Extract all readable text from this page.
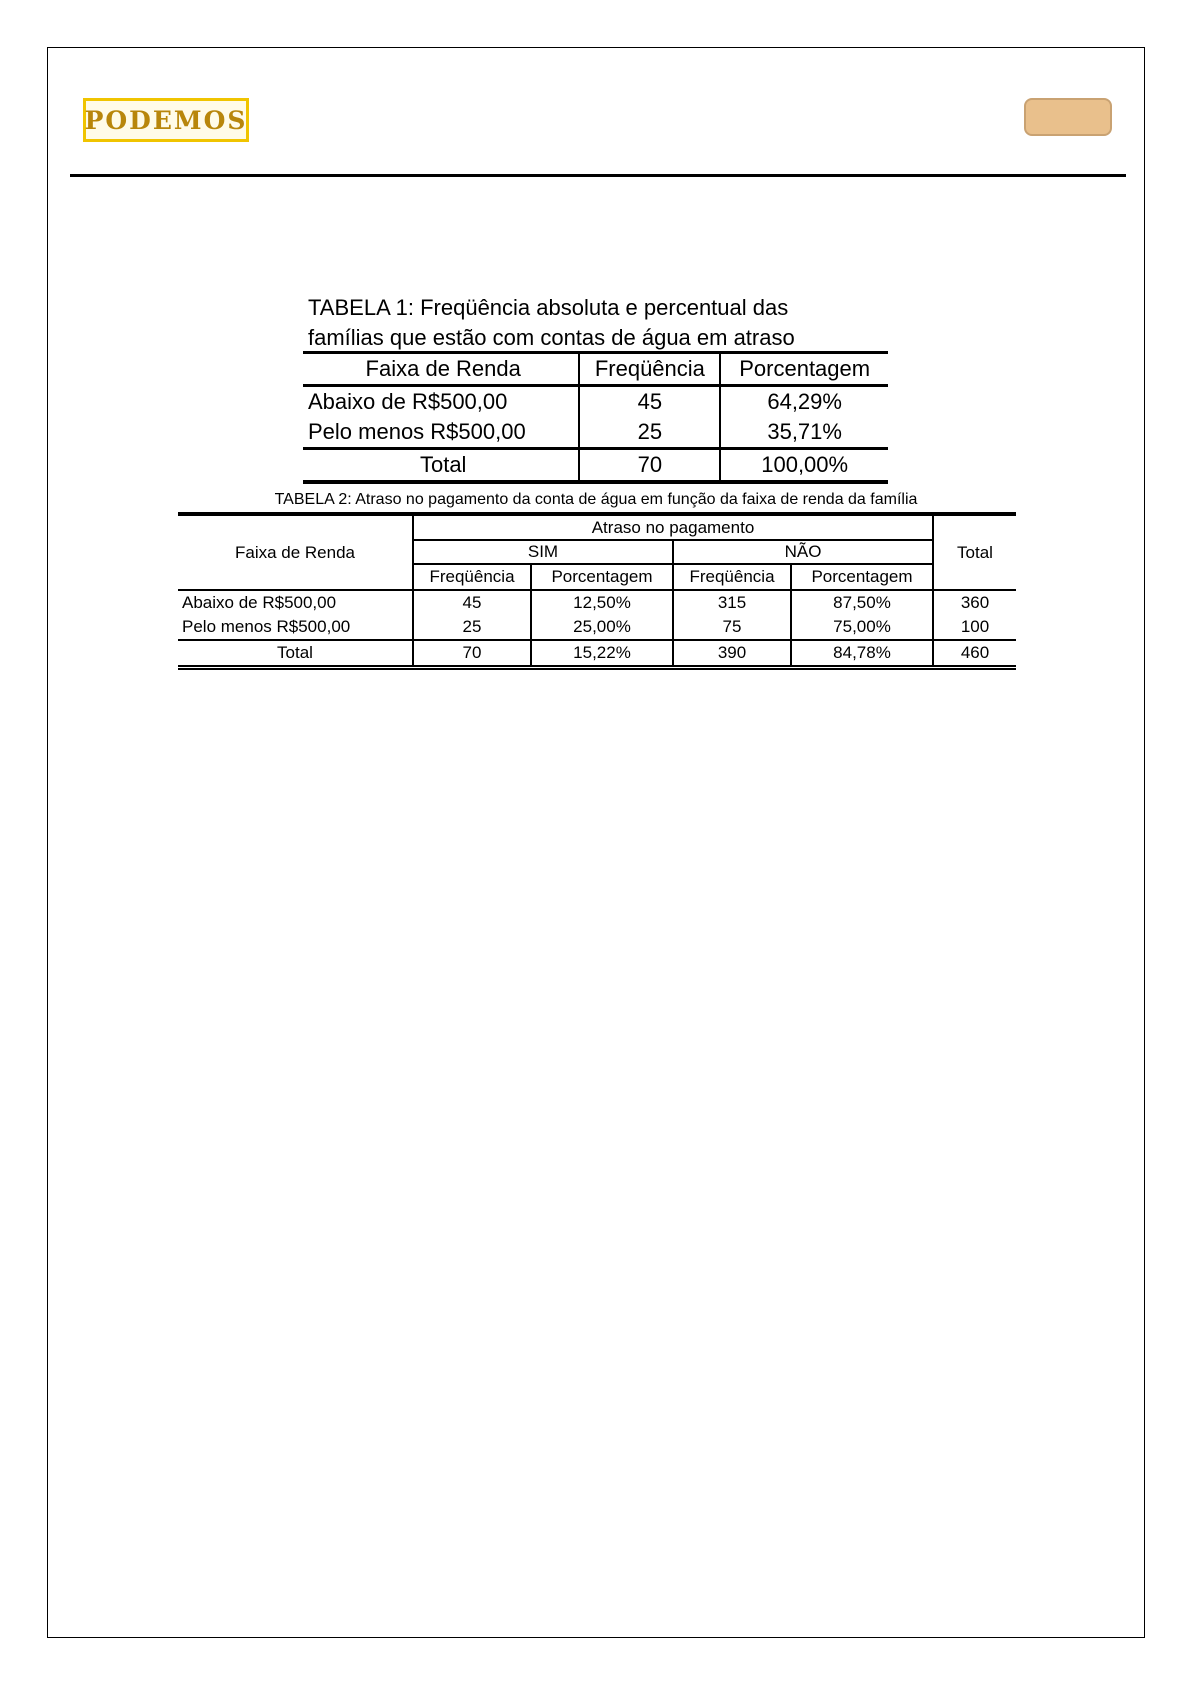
PODEMOS
TABELA 1: Freqüência absoluta e percentual das
famílias que estão com contas de água em atraso
Faixa de Renda	Freqüência	Porcentagem
Abaixo de R$500,00	45	64,29%
Pelo menos R$500,00	25	35,71%
Total	70	100,00%
TABELA 2: Atraso no pagamento da conta de água em função da faixa de renda da família
Faixa de Renda	Atraso no pagamento				Total
	SIM		NÃO		
	Freqüência	Porcentagem	Freqüência	Porcentagem	
Abaixo de R$500,00	45	12,50%	315	87,50%	360
Pelo menos R$500,00	25	25,00%	75	75,00%	100
Total	70	15,22%	390	84,78%	460
